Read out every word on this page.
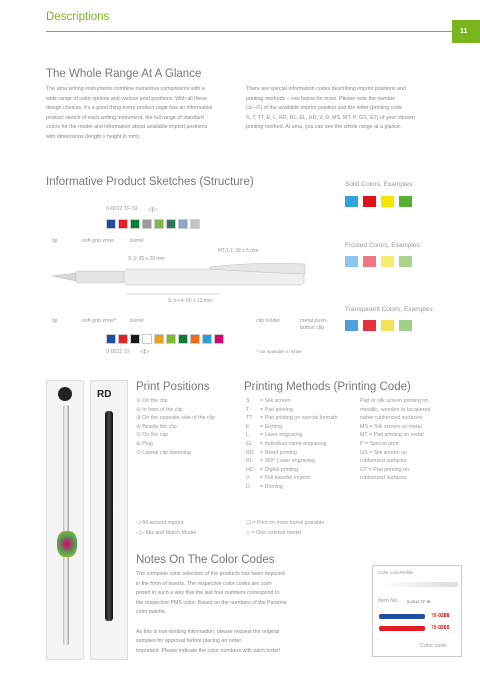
Descriptions
11
The Whole Range At A Glance
The uma writing instruments combine numerous components with a
wide range of color options and various print positions. With all these
design choices, it's a good thing every product page has an informative
product sketch of each writing instrument, the full range of standard
colors for the model and information about available imprint positions
with dimensions (length x height in mm).
There are special information codes describing imprint positions and
printing methods – see below for more. Please note the number
(①–⑦) of the available imprint position and the letter (printing code
S, T, TT, E, L, RD, RL, EL, HD, V, D, MS, MT, P, GS, GT) of your chosen
printing method. At uma, you can see the whole range at a glance.
Informative Product Sketches (Structure)
0-0012 TF-SI ◁▷
tip	soft-grip zone	barrel
S ① 35 x 20 mm
MT/L① 38 x 5 mm
S ②+④ 60 x 13 mm
tip	soft-grip zone*	barrel	clip holder	metal push-
button clip
0-0012 SI ◁▷	* not available in white
Solid Colors, Examples:
Frosted Colors, Examples:
Transparent Colors, Examples:
RD
Print Positions
① On the clip
② In front of the clip
③ On the opposite side of the clip
④ Beside the clip
⑤ On the cap
⑥ Plug
⑦ Lateral clip fastening
❍ All-around imprint
◁▷ Mix and Match Model
Printing Methods (Printing Code)
S = Silk screen
T = Pad printing
TT = Pad printing on special formats
E = Etching
L = Laser engraving
EL = Individual name engraving
RD = Relief printing
RL = 360° Laser engraving
HD = Digital printing
V = Foil transfer imprint
D = Doming
Pad or silk screen printing on
metallic, wooden or lacquered
rather rubberized surfaces:
MS = Silk screen on metal
MT = Pad printing on metal
P = Special print
GS = Silk screen on
rubberized surfaces
GT = Pad printing on
rubberized surfaces
❏ = Print on inner barrel possible
◇ = One-colored model
Notes On The Color Codes
The complete color selection of the products has been depicted
in the form of inserts. The respective color codes are com-
prised in such a way that the last four numbers correspond to
the respective PMS color. Based on the numbers of the Pantone
color palette.

As this is non-binding information, please request the original
samples for approval before placing an order.
Important: Please indicate the color numbers with each order!
Color code/Refills
Item No. 0-0012 TF-SI
78-0288
78-0200
Color code
